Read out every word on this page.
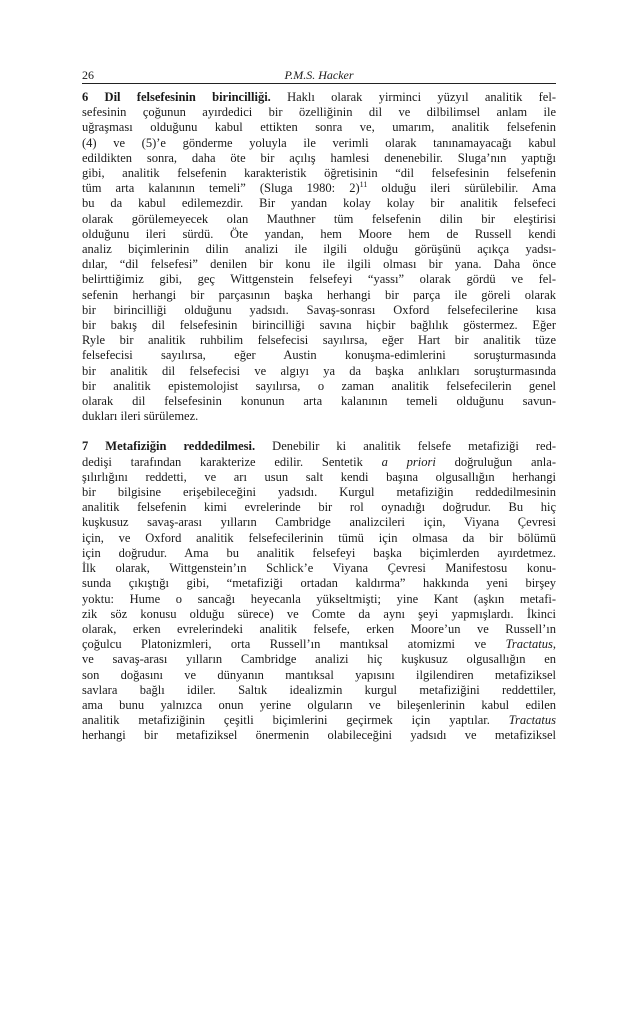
26	P.M.S. Hacker

6 Dil felsefesinin birincilliği. Haklı olarak yirminci yüzyıl analitik fel-
sefesinin çoğunun ayırdedici bir özelliğinin dil ve dilbilimsel anlam ile
uğraşması olduğunu kabul ettikten sonra ve, umarım, analitik felsefenin
(4) ve (5)’e gönderme yoluyla ile verimli olarak tanınamayacağı kabul
edildikten sonra, daha öte bir açılış hamlesi denenebilir. Sluga’nın yaptığı
gibi, analitik felsefenin karakteristik öğretisinin “dil felsefesinin felsefenin
tüm arta kalanının temeli” (Sluga 1980: 2)$^{11}$ olduğu ileri sürülebilir. Ama
bu da kabul edilemezdir. Bir yandan kolay kolay bir analitik felsefeci
olarak görülemeyecek olan Mauthner tüm felsefenin dilin bir eleştirisi
olduğunu ileri sürdü. Öte yandan, hem Moore hem de Russell kendi
analiz biçimlerinin dilin analizi ile ilgili olduğu görüşünü açıkça yadsı-
dılar, “dil felsefesi” denilen bir konu ile ilgili olması bir yana. Daha önce
belirttiğimiz gibi, geç Wittgenstein felsefeyi “yassı” olarak gördü ve fel-
sefenin herhangi bir parçasının başka herhangi bir parça ile göreli olarak
bir birincilliği olduğunu yadsıdı. Savaş-sonrası Oxford felsefecilerine kısa
bir bakış dil felsefesinin birincilliği savına hiçbir bağlılık göstermez. Eğer
Ryle bir analitik ruhbilim felsefecisi sayılırsa, eğer Hart bir analitik tüze
felsefecisi sayılırsa, eğer Austin konuşma-edimlerini soruşturmasında
bir analitik dil felsefecisi ve algıyı ya da başka anlıkları soruşturmasında
bir analitik epistemolojist sayılırsa, o zaman analitik felsefecilerin genel
olarak dil felsefesinin konunun arta kalanının temeli olduğunu savun-
dukları ileri sürülemez.

7 Metafiziğin reddedilmesi. Denebilir ki analitik felsefe metafiziği red-
dedişi tarafından karakterize edilir. Sentetik a priori doğruluğun anla-
şılırlığını reddetti, ve arı usun salt kendi başına olgusallığın herhangi
bir bilgisine erişebileceğini yadsıdı. Kurgul metafiziğin reddedilmesinin
analitik felsefenin kimi evrelerinde bir rol oynadığı doğrudur. Bu hiç
kuşkusuz savaş-arası yılların Cambridge analizcileri için, Viyana Çevresi
için, ve Oxford analitik felsefecilerinin tümü için olmasa da bir bölümü
için doğrudur. Ama bu analitik felsefeyi başka biçimlerden ayırdetmez.
İlk olarak, Wittgenstein’ın Schlick’e Viyana Çevresi Manifestosu konu-
sunda çıkıştığı gibi, “metafiziği ortadan kaldırma” hakkında yeni birşey
yoktu: Hume o sancağı heyecanla yükseltmişti; yine Kant (aşkın metafi-
zik söz konusu olduğu sürece) ve Comte da aynı şeyi yapmışlardı. İkinci
olarak, erken evrelerindeki analitik felsefe, erken Moore’un ve Russell’ın
çoğulcu Platonizmleri, orta Russell’ın mantıksal atomizmi ve Tractatus,
ve savaş-arası yılların Cambridge analizi hiç kuşkusuz olgusallığın en
son doğasını ve dünyanın mantıksal yapısını ilgilendiren metafiziksel
savlara bağlı idiler. Saltık idealizmin kurgul metafiziğini reddettiler,
ama bunu yalnızca onun yerine olguların ve bileşenlerinin kabul edilen
analitik metafiziğinin çeşitli biçimlerini geçirmek için yaptılar. Tractatus
herhangi bir metafiziksel önermenin olabileceğini yadsıdı ve metafiziksel
